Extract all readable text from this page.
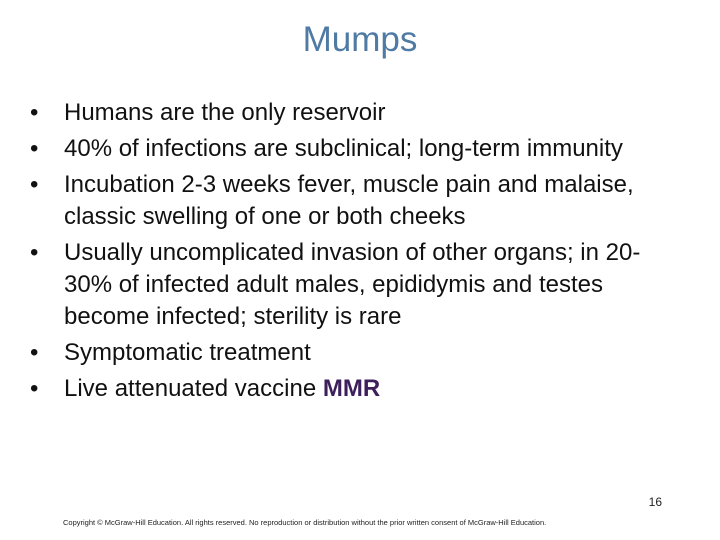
Mumps
•	Humans are the only reservoir
•	40% of infections are subclinical; long-term immunity
•	Incubation 2-3 weeks fever, muscle pain and malaise, classic swelling of one or both cheeks
•	Usually uncomplicated invasion of other organs; in 20-30% of infected adult males, epididymis and testes become infected; sterility is rare
•	Symptomatic treatment
•	Live attenuated vaccine MMR
16
Copyright © McGraw-Hill Education. All rights reserved. No reproduction or distribution without the prior written consent of McGraw-Hill Education.
